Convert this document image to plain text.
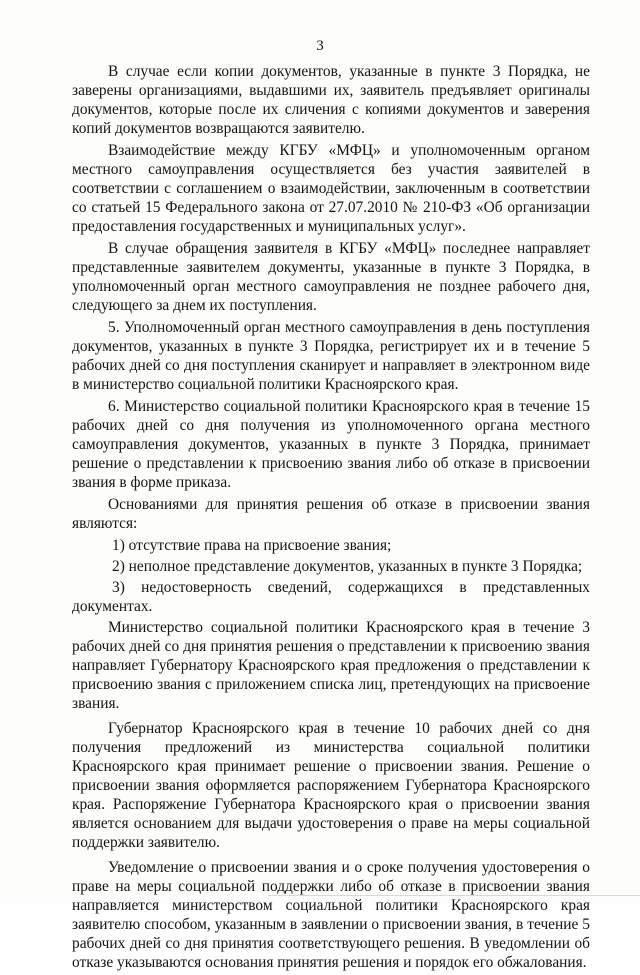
3

В случае если копии документов, указанные в пункте 3 Порядка, не заверены организациями, выдавшими их, заявитель предъявляет оригиналы документов, которые после их сличения с копиями документов и заверения копий документов возвращаются заявителю.

Взаимодействие между КГБУ «МФЦ» и уполномоченным органом местного самоуправления осуществляется без участия заявителей в соответствии с соглашением о взаимодействии, заключенным в соответствии со статьей 15 Федерального закона от 27.07.2010 № 210-ФЗ «Об организации предоставления государственных и муниципальных услуг».

В случае обращения заявителя в КГБУ «МФЦ» последнее направляет представленные заявителем документы, указанные в пункте 3 Порядка, в уполномоченный орган местного самоуправления не позднее рабочего дня, следующего за днем их поступления.

5. Уполномоченный орган местного самоуправления в день поступления документов, указанных в пункте 3 Порядка, регистрирует их и в течение 5 рабочих дней со дня поступления сканирует и направляет в электронном виде в министерство социальной политики Красноярского края.

6. Министерство социальной политики Красноярского края в течение 15 рабочих дней со дня получения из уполномоченного органа местного самоуправления документов, указанных в пункте 3 Порядка, принимает решение о представлении к присвоению звания либо об отказе в присвоении звания в форме приказа.

Основаниями для принятия решения об отказе в присвоении звания являются:

1) отсутствие права на присвоение звания;

2) неполное представление документов, указанных в пункте 3 Порядка;

3) недостоверность сведений, содержащихся в представленных документах.

Министерство социальной политики Красноярского края в течение 3 рабочих дней со дня принятия решения о представлении к присвоению звания направляет Губернатору Красноярского края предложения о представлении к присвоению звания с приложением списка лиц, претендующих на присвоение звания.

Губернатор Красноярского края в течение 10 рабочих дней со дня получения предложений из министерства социальной политики Красноярского края принимает решение о присвоении звания. Решение о присвоении звания оформляется распоряжением Губернатора Красноярского края. Распоряжение Губернатора Красноярского края о присвоении звания является основанием для выдачи удостоверения о праве на меры социальной поддержки заявителю.

Уведомление о присвоении звания и о сроке получения удостоверения о праве на меры социальной поддержки либо об отказе в присвоении звания направляется министерством социальной политики Красноярского края заявителю способом, указанным в заявлении о присвоении звания, в течение 5 рабочих дней со дня принятия соответствующего решения. В уведомлении об отказе указываются основания принятия решения и порядок его обжалования.
